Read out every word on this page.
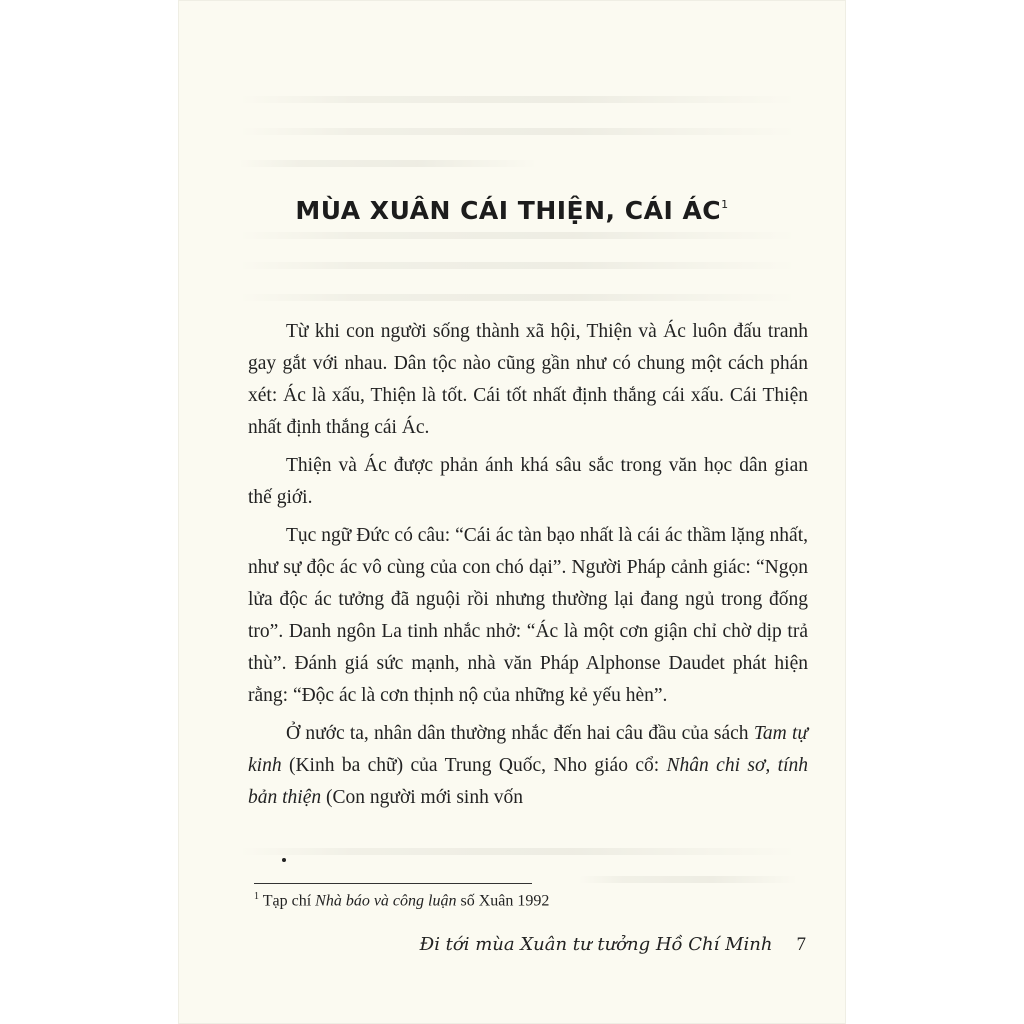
MÙA XUÂN CÁI THIỆN, CÁI $ÁC^1$

Từ khi con người sống thành xã hội, Thiện và Ác luôn đấu tranh gay gắt với nhau. Dân tộc nào cũng gần như có chung một cách phán xét: Ác là xấu, Thiện là tốt. Cái tốt nhất định thắng cái xấu. Cái Thiện nhất định thắng cái Ác.

Thiện và Ác được phản ánh khá sâu sắc trong văn học dân gian thế giới.

Tục ngữ Đức có câu: “Cái ác tàn bạo nhất là cái ác thầm lặng nhất, như sự độc ác vô cùng của con chó dại”. Người Pháp cảnh giác: “Ngọn lửa độc ác tưởng đã nguội rồi nhưng thường lại đang ngủ trong đống tro”. Danh ngôn La tinh nhắc nhở: “Ác là một cơn giận chỉ chờ dịp trả thù”. Đánh giá sức mạnh, nhà văn Pháp Alphonse Daudet phát hiện rằng: “Độc ác là cơn thịnh nộ của những kẻ yếu hèn”.

Ở nước ta, nhân dân thường nhắc đến hai câu đầu của sách Tam tự kinh (Kinh ba chữ) của Trung Quốc, Nho giáo cổ: Nhân chi sơ, tính bản thiện (Con người mới sinh vốn

$^1$ Tạp chí Nhà báo và công luận số Xuân 1992
Đi tới mùa Xuân tư tưởng Hồ Chí Minh 7
